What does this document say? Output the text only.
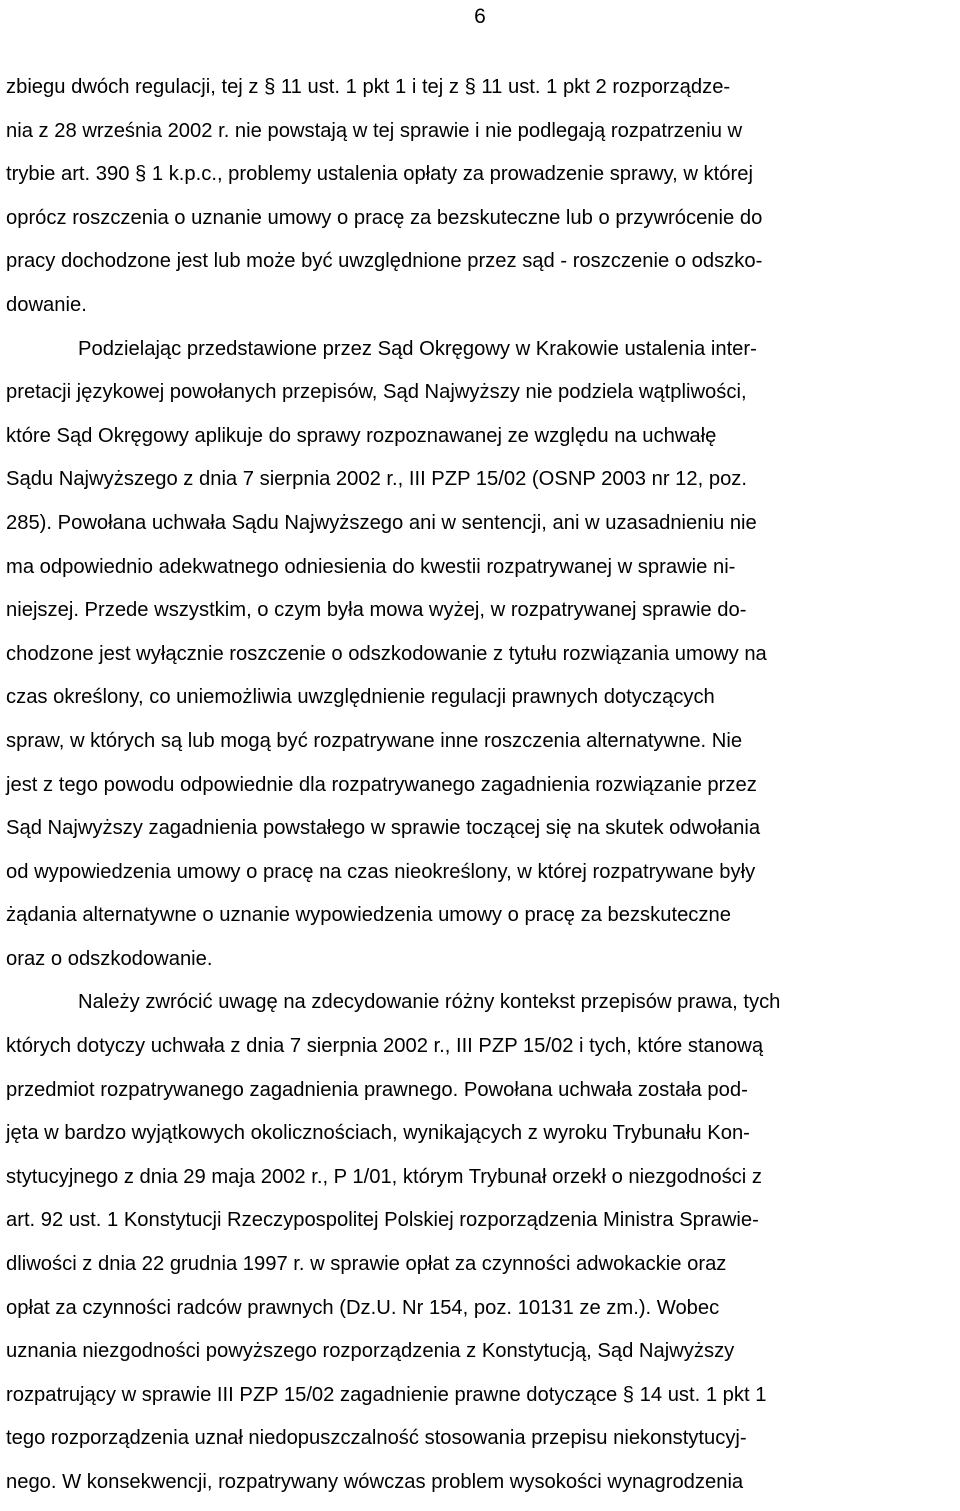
6
zbiegu dwóch regulacji, tej z § 11 ust. 1 pkt 1 i tej z § 11 ust. 1 pkt 2 rozporządze-
nia z 28 września 2002 r. nie powstają w tej sprawie i nie podlegają rozpatrzeniu w
trybie art. 390 § 1 k.p.c., problemy ustalenia opłaty za prowadzenie sprawy, w której
oprócz roszczenia o uznanie umowy o pracę za bezskuteczne lub o przywrócenie do
pracy dochodzone jest lub może być uwzględnione przez sąd - roszczenie o odszko-
dowanie.
Podzielając przedstawione przez Sąd Okręgowy w Krakowie ustalenia inter-
pretacji językowej powołanych przepisów, Sąd Najwyższy nie podziela wątpliwości,
które Sąd Okręgowy aplikuje do sprawy rozpoznawanej ze względu na uchwałę
Sądu Najwyższego z dnia 7 sierpnia 2002 r., III PZP 15/02 (OSNP 2003 nr 12, poz.
285). Powołana uchwała Sądu Najwyższego ani w sentencji, ani w uzasadnieniu nie
ma odpowiednio adekwatnego odniesienia do kwestii rozpatrywanej w sprawie ni-
niejszej. Przede wszystkim, o czym była mowa wyżej, w rozpatrywanej sprawie do-
chodzone jest wyłącznie roszczenie o odszkodowanie z tytułu rozwiązania umowy na
czas określony, co uniemożliwia uwzględnienie regulacji prawnych dotyczących
spraw, w których są lub mogą być rozpatrywane inne roszczenia alternatywne. Nie
jest z tego powodu odpowiednie dla rozpatrywanego zagadnienia rozwiązanie przez
Sąd Najwyższy zagadnienia powstałego w sprawie toczącej się na skutek odwołania
od wypowiedzenia umowy o pracę na czas nieokreślony, w której rozpatrywane były
żądania alternatywne o uznanie wypowiedzenia umowy o pracę za bezskuteczne
oraz o odszkodowanie.
Należy zwrócić uwagę na zdecydowanie różny kontekst przepisów prawa, tych
których dotyczy uchwała z dnia 7 sierpnia 2002 r., III PZP 15/02 i tych, które stanową
przedmiot rozpatrywanego zagadnienia prawnego. Powołana uchwała została pod-
jęta w bardzo wyjątkowych okolicznościach, wynikających z wyroku Trybunału Kon-
stytucyjnego z dnia 29 maja 2002 r., P 1/01, którym Trybunał orzekł o niezgodności z
art. 92 ust. 1 Konstytucji Rzeczypospolitej Polskiej rozporządzenia Ministra Sprawie-
dliwości z dnia 22 grudnia 1997 r. w sprawie opłat za czynności adwokackie oraz
opłat za czynności radców prawnych (Dz.U. Nr 154, poz. 10131 ze zm.). Wobec
uznania niezgodności powyższego rozporządzenia z Konstytucją, Sąd Najwyższy
rozpatrujący w sprawie III PZP 15/02 zagadnienie prawne dotyczące § 14 ust. 1 pkt 1
tego rozporządzenia uznał niedopuszczalność stosowania przepisu niekonstytucyj-
nego. W konsekwencji, rozpatrywany wówczas problem wysokości wynagrodzenia
